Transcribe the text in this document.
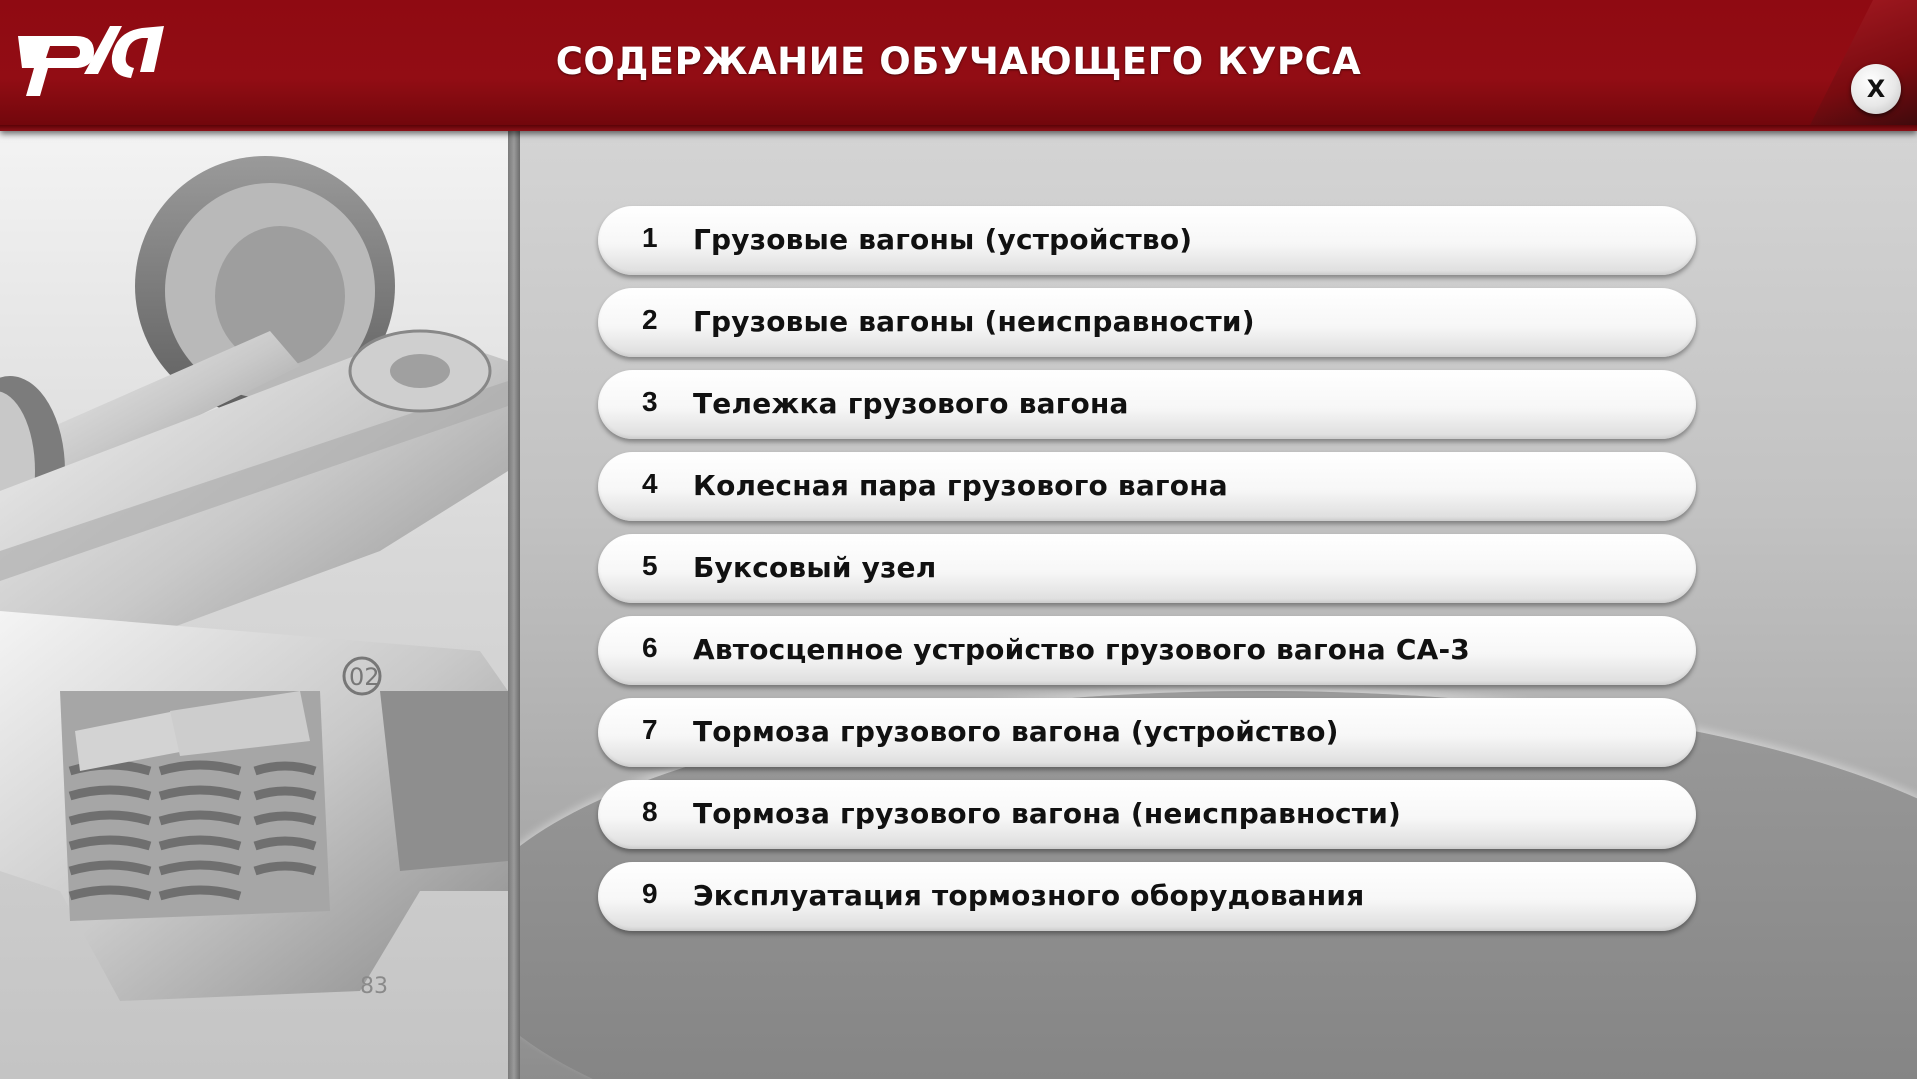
СОДЕРЖАНИЕ ОБУЧАЮЩЕГО КУРСА
X
02
83
1 Грузовые вагоны (устройство)
2 Грузовые вагоны (неисправности)
3 Тележка грузового вагона
4 Колесная пара грузового вагона
5 Буксовый узел
6 Автосцепное устройство грузового вагона СА-3
7 Тормоза грузового вагона (устройство)
8 Тормоза грузового вагона (неисправности)
9 Эксплуатация тормозного оборудования
